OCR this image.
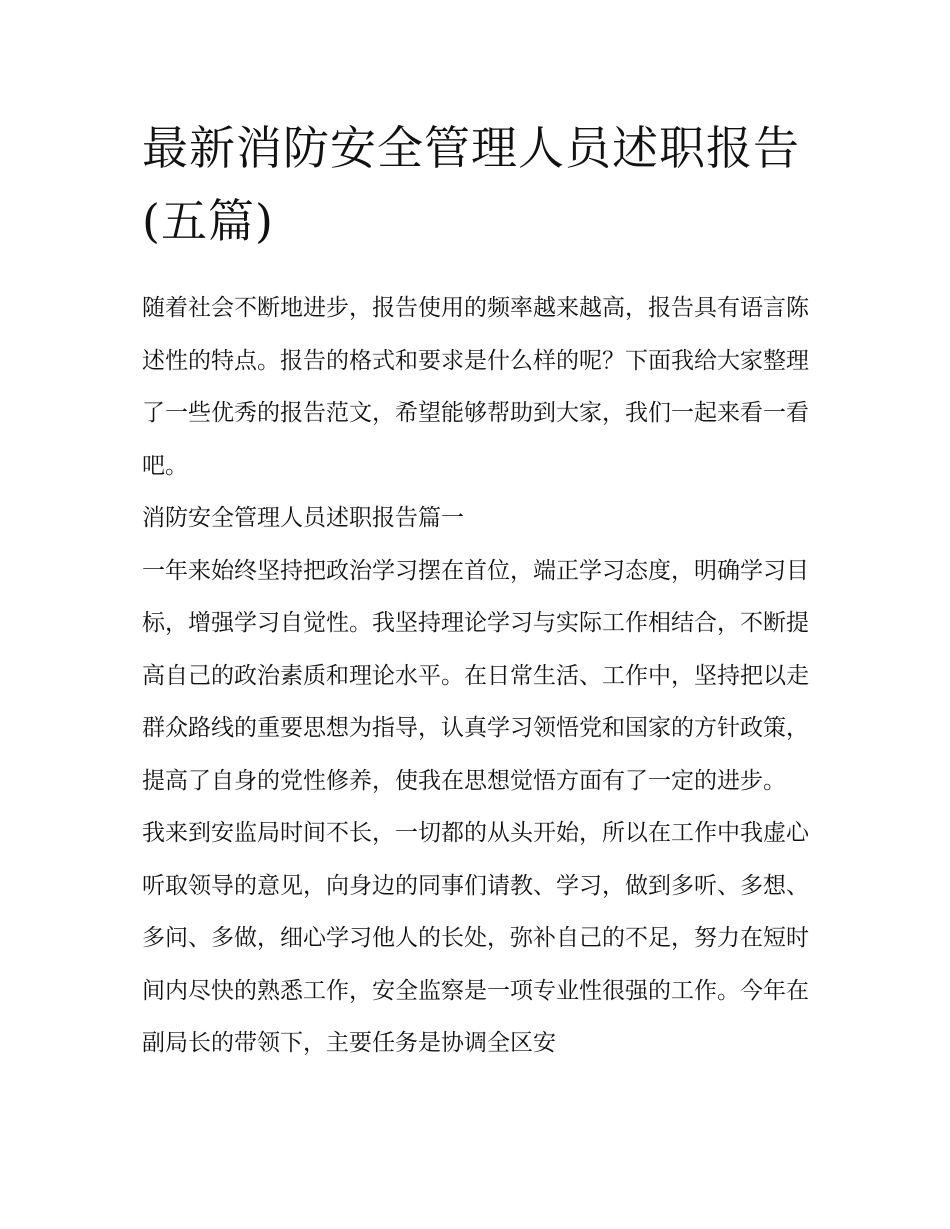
最新消防安全管理人员述职报告(五篇)

随着社会不断地进步，报告使用的频率越来越高，报告具有语言陈述性的特点。报告的格式和要求是什么样的呢？下面我给大家整理了一些优秀的报告范文，希望能够帮助到大家，我们一起来看一看吧。

消防安全管理人员述职报告篇一

一年来始终坚持把政治学习摆在首位，端正学习态度，明确学习目标，增强学习自觉性。我坚持理论学习与实际工作相结合，不断提高自己的政治素质和理论水平。在日常生活、工作中，坚持把以走群众路线的重要思想为指导，认真学习领悟党和国家的方针政策，提高了自身的党性修养，使我在思想觉悟方面有了一定的进步。

我来到安监局时间不长，一切都的从头开始，所以在工作中我虚心听取领导的意见，向身边的同事们请教、学习，做到多听、多想、多问、多做，细心学习他人的长处，弥补自己的不足，努力在短时间内尽快的熟悉工作，安全监察是一项专业性很强的工作。今年在副局长的带领下，主要任务是协调全区安
